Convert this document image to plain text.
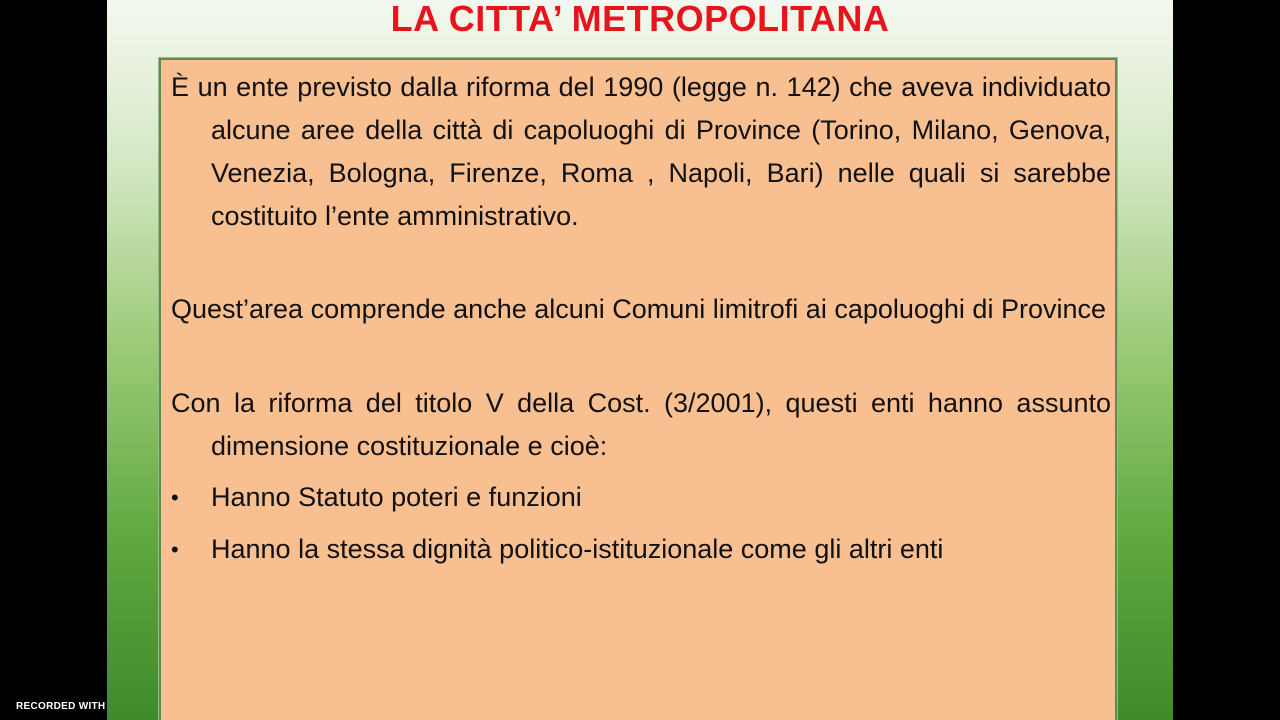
LA CITTA’ METROPOLITANA

È un ente previsto dalla riforma del 1990 (legge n. 142) che aveva individuato alcune aree della città di capoluoghi di Province (Torino, Milano, Genova, Venezia, Bologna, Firenze, Roma , Napoli, Bari) nelle quali si sarebbe costituito l’ente amministrativo.

Quest’area comprende anche alcuni Comuni limitrofi ai capoluoghi di Province

Con la riforma del titolo V della Cost. (3/2001), questi enti hanno assunto dimensione costituzionale e cioè:

•	Hanno Statuto poteri e funzioni
•	Hanno la stessa dignità politico-istituzionale come gli altri enti
RECORDED WITH
